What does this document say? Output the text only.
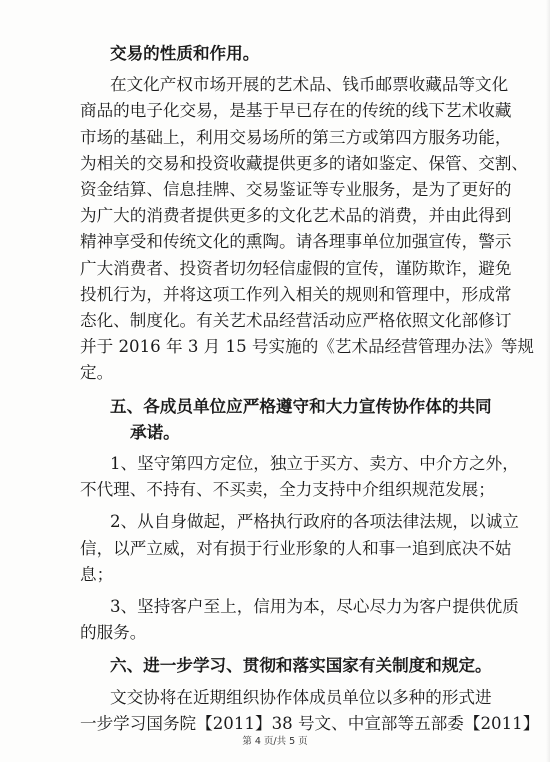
第 4 页/共 5 页
交易的性质和作用。
在文化产权市场开展的艺术品、钱币邮票收藏品等文化
商品的电子化交易，是基于早已存在的传统的线下艺术收藏
市场的基础上，利用交易场所的第三方或第四方服务功能，
为相关的交易和投资收藏提供更多的诸如鉴定、保管、交割、
资金结算、信息挂牌、交易鉴证等专业服务，是为了更好的
为广大的消费者提供更多的文化艺术品的消费，并由此得到
精神享受和传统文化的熏陶。请各理事单位加强宣传，警示
广大消费者、投资者切勿轻信虚假的宣传，谨防欺诈，避免
投机行为，并将这项工作列入相关的规则和管理中，形成常
态化、制度化。有关艺术品经营活动应严格依照文化部修订
并于 2016 年 3 月 15 号实施的《艺术品经营管理办法》等规
定。
五、各成员单位应严格遵守和大力宣传协作体的共同
承诺。
1、坚守第四方定位，独立于买方、卖方、中介方之外，
不代理、不持有、不买卖，全力支持中介组织规范发展；
2、从自身做起，严格执行政府的各项法律法规，以诚立
信，以严立威，对有损于行业形象的人和事一追到底决不姑
息；
3、坚持客户至上，信用为本，尽心尽力为客户提供优质
的服务。
六、进一步学习、贯彻和落实国家有关制度和规定。
文交协将在近期组织协作体成员单位以多种的形式进
一步学习国务院【2011】38 号文、中宣部等五部委【2011】
